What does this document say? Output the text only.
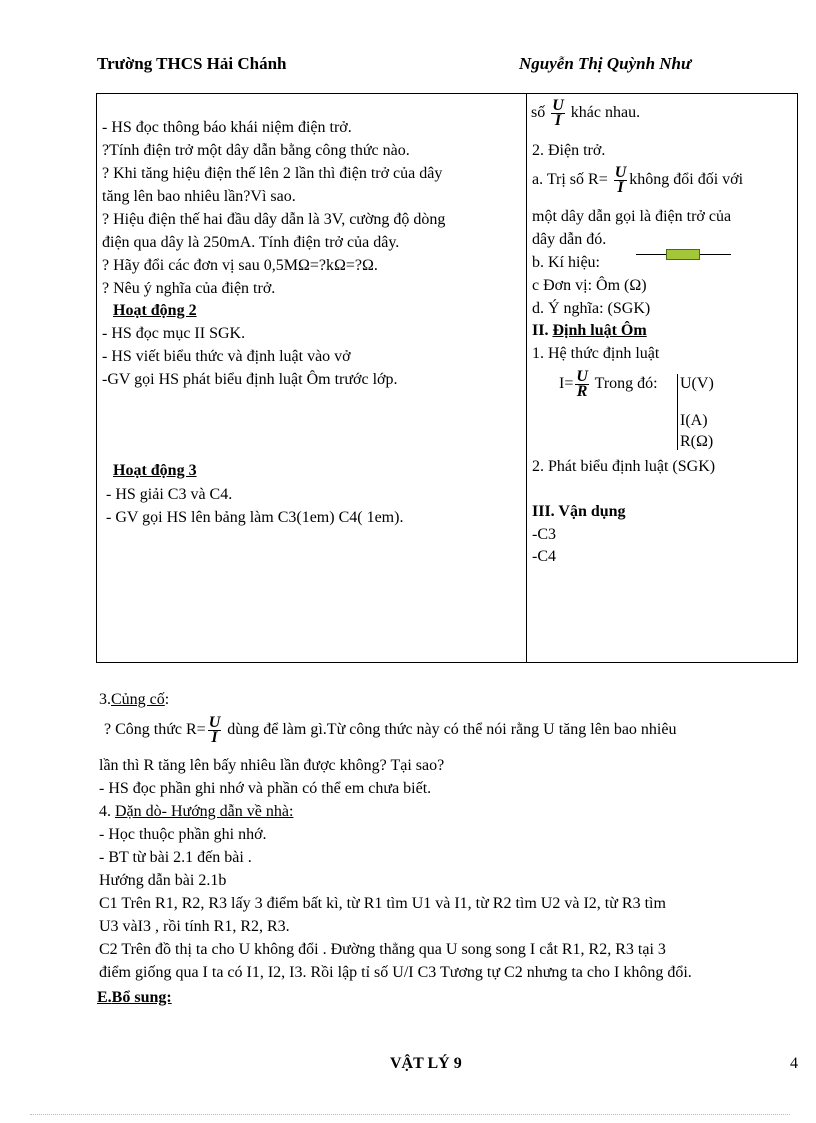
Trường THCS Hải Chánh	Nguyễn Thị Quỳnh Như
- HS đọc thông báo khái niệm điện trở.
?Tính điện trở một dây dẫn bằng công thức nào.
? Khi tăng hiệu điện thế lên 2 lần thì điện trở của dây
tăng lên bao nhiêu lần?Vì sao.
? Hiệu điện thế hai đầu dây dẫn là 3V, cường độ dòng
điện qua dây là 250mA. Tính điện trở của dây.
? Hãy đổi các đơn vị sau 0,5MΩ=?kΩ=?Ω.
? Nêu ý nghĩa của điện trở.
Hoạt động 2
- HS đọc mục II SGK.
- HS viết biểu thức và định luật vào vở
-GV gọi HS phát biểu định luật Ôm trước lớp.
Hoạt động 3
- HS giải C3 và C4.
- GV gọi HS lên bảng làm C3(1em) C4( 1em).
số $\frac{U}{I}$ khác nhau.
2. Điện trở.
a. Trị số $R= \frac{U}{I}$ không đổi đối với
một dây dẫn gọi là điện trở của
dây dẫn đó.
b. Kí hiệu:
c Đơn vị: Ôm (Ω)
d. Ý nghĩa: (SGK)
II. Định luật Ôm
1. Hệ thức định luật
$I= \frac{U}{R}$ Trong đó: U(V)
I(A)
R(Ω)
2. Phát biểu định luật (SGK)
III. Vận dụng
-C3
-C4
3.Củng cố:
? Công thức $R= \frac{U}{I}$ dùng để làm gì.Từ công thức này có thể nói rằng U tăng lên bao nhiêu
lần thì R tăng lên bấy nhiêu lần được không? Tại sao?
- HS đọc phần ghi nhớ và phần có thể em chưa biết.
4. Dặn dò- Hướng dẫn về nhà:
- Học thuộc phần ghi nhớ.
- BT từ bài 2.1 đến bài .
Hướng dẫn bài 2.1b
C1 Trên R1, R2, R3 lấy 3 điểm bất kì, từ R1 tìm U1 và I1, từ R2 tìm U2 và I2, từ R3 tìm
U3 vàI3 , rồi tính R1, R2, R3.
C2 Trên đồ thị ta cho U không đổi . Đường thẳng qua U song song I cắt R1, R2, R3 tại 3
điểm giống qua I ta có I1, I2, I3. Rồi lập tỉ số U/I C3 Tương tự C2 nhưng ta cho I không đổi.
E.Bổ sung:
VẬT LÝ 9	4
